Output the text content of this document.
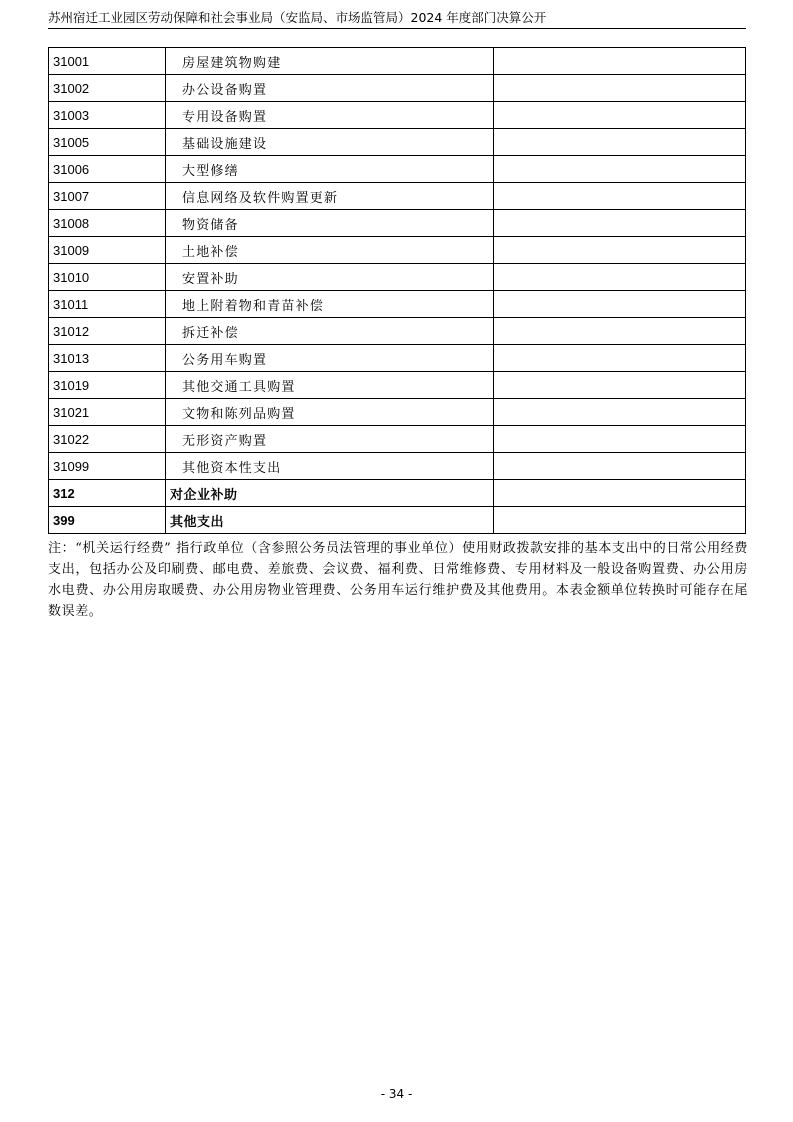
苏州宿迁工业园区劳动保障和社会事业局（安监局、市场监管局）2024 年度部门决算公开
31001	房屋建筑物购建	
31002	办公设备购置	
31003	专用设备购置	
31005	基础设施建设	
31006	大型修缮	
31007	信息网络及软件购置更新	
31008	物资储备	
31009	土地补偿	
31010	安置补助	
31011	地上附着物和青苗补偿	
31012	拆迁补偿	
31013	公务用车购置	
31019	其他交通工具购置	
31021	文物和陈列品购置	
31022	无形资产购置	
31099	其他资本性支出	
312	对企业补助	
399	其他支出	
注：“机关运行经费” 指行政单位（含参照公务员法管理的事业单位）使用财政拨款安排的基本支出中的日常公用经费支出，包括办公及印刷费、邮电费、差旅费、会议费、福利费、日常维修费、专用材料及一般设备购置费、办公用房水电费、办公用房取暖费、办公用房物业管理费、公务用车运行维护费及其他费用。本表金额单位转换时可能存在尾数误差。
- 34 -
